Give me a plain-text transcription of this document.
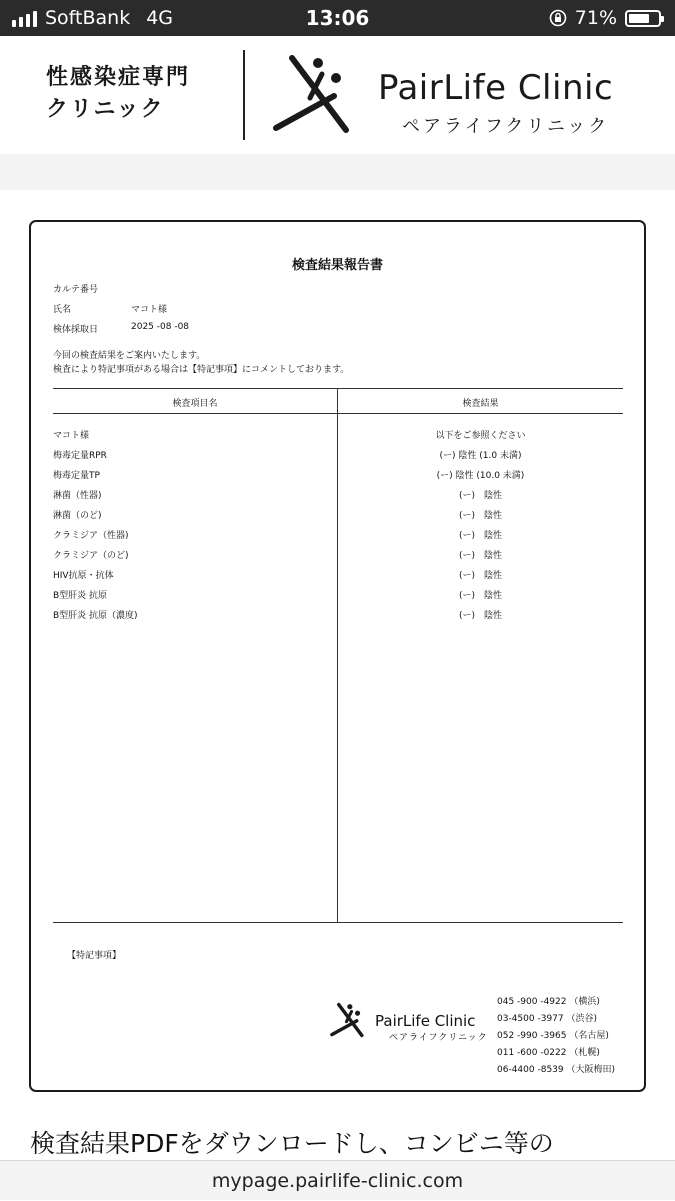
SoftBank 4G	13:06	71%
性感染症専門
クリニック
PairLife Clinic
ペアライフクリニック
検査結果報告書
カルテ番号
氏名	マコト様
検体採取日	2025 -08 -08
今回の検査結果をご案内いたします。
検査により特記事項がある場合は【特記事項】にコメントしております。
検査項目名	検査結果
マコト様	以下をご参照ください
梅毒定量RPR	(ー) 陰性 (1.0 未満)
梅毒定量TP	(ー) 陰性 (10.0 未満)
淋菌（性器)	(ー)　陰性
淋菌（のど)	(ー)　陰性
クラミジア（性器)	(ー)　陰性
クラミジア（のど)	(ー)　陰性
HIV抗原・抗体	(ー)　陰性
B型肝炎 抗原	(ー)　陰性
B型肝炎 抗原（濃度)	(ー)　陰性
【特記事項】
PairLife Clinic
ペアライフクリニック
045 -900 -4922 （横浜)
03-4500 -3977 （渋谷)
052 -990 -3965 （名古屋)
011 -600 -0222 （札幌)
06-4400 -8539 （大阪梅田)
検査結果PDFをダウンロードし、コンビニ等の
mypage.pairlife-clinic.com
